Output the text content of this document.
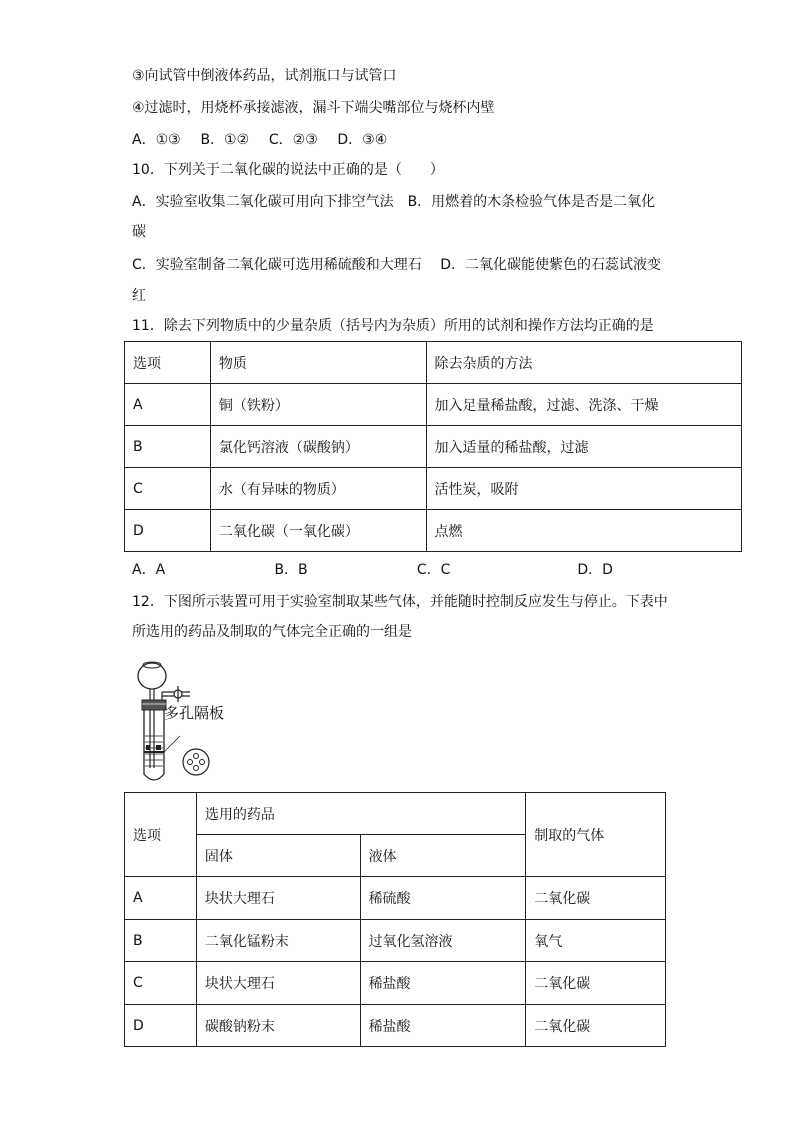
③向试管中倒液体药品，试剂瓶口与试管口
④过滤时，用烧杯承接滤液，漏斗下端尖嘴部位与烧杯内壁
A．①③ B．①② C．②③ D．③④
10．下列关于二氧化碳的说法中正确的是（　　）
A．实验室收集二氧化碳可用向下排空气法　B．用燃着的木条检验气体是否是二氧化
碳
C．实验室制备二氧化碳可选用稀硫酸和大理石　 D．二氧化碳能使紫色的石蕊试液变
红
11．除去下列物质中的少量杂质（括号内为杂质）所用的试剂和操作方法均正确的是
选项	物质	除去杂质的方法
A	铜（铁粉）	加入足量稀盐酸，过滤、洗涤、干燥
B	氯化钙溶液（碳酸钠）	加入适量的稀盐酸，过滤
C	水（有异味的物质）	活性炭，吸附
D	二氧化碳（一氧化碳）	点燃
A．A	B．B	C．C	D．D
12．下图所示装置可用于实验室制取某些气体，并能随时控制反应发生与停止。下表中
所选用的药品及制取的气体完全正确的一组是
多孔隔板
选项	选用的药品		制取的气体
	固体	液体	
A	块状大理石	稀硫酸	二氧化碳
B	二氧化锰粉末	过氧化氢溶液	氧气
C	块状大理石	稀盐酸	二氧化碳
D	碳酸钠粉末	稀盐酸	二氧化碳
